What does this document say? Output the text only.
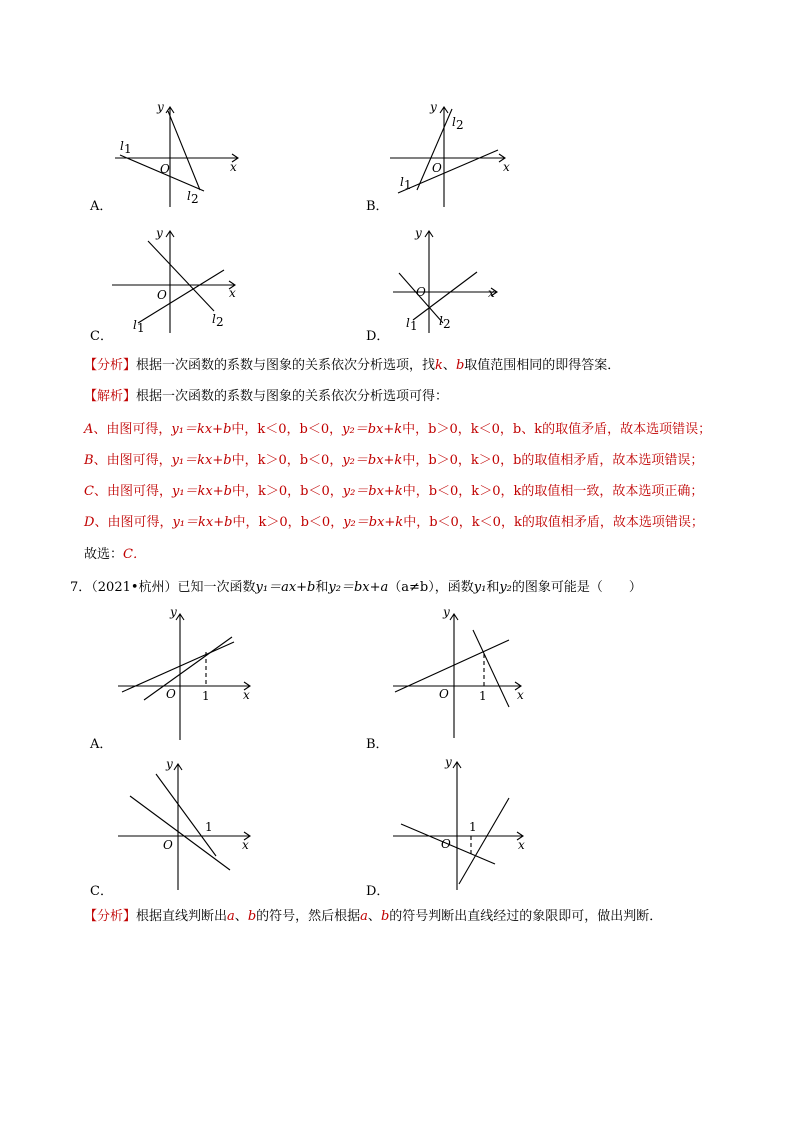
O	x
y
l 1
l 2
A．
O	x
y
l 1
l 2
B．
O	x
y
l 1
l 2
C．
O	x
y
l 1 l 2
D．
【分析】根据一次函数的系数与图象的关系依次分析选项，找k、b取值范围相同的即得答案．
【解析】根据一次函数的系数与图象的关系依次分析选项可得：
A、由图可得，y₁＝kx+b中，k＜0，b＜0，y₂＝bx+k中，b＞0，k＜0，b、k的取值矛盾，故本选项错误；
B、由图可得，y₁＝kx+b中，k＞0，b＜0，y₂＝bx+k中，b＞0，k＞0，b的取值相矛盾，故本选项错误；
C、由图可得，y₁＝kx+b中，k＞0，b＜0，y₂＝bx+k中，b＜0，k＞0，k的取值相一致，故本选项正确；
D、由图可得，y₁＝kx+b中，k＞0，b＜0，y₂＝bx+k中，b＜0，k＜0，k的取值相矛盾，故本选项错误；
故选：C．
7．（2021•杭州）已知一次函数y₁＝ax+b和y₂＝bx+a（a≠b），函数y₁和y₂的图象可能是（　　）
O 1	x
y
A．
O	1	x
y
B．
O
1
x
y
C．
O
1
x
y
D．
【分析】根据直线判断出a、b的符号，然后根据a、b的符号判断出直线经过的象限即可，做出判断．
